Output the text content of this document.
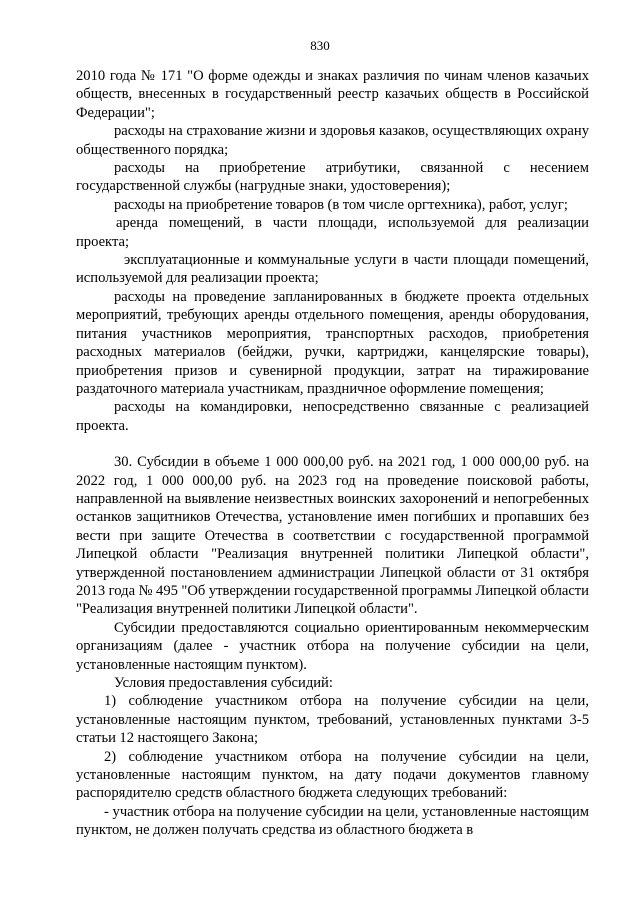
830

2010 года № 171 "О форме одежды и знаках различия по чинам членов казачьих обществ, внесенных в государственный реестр казачьих обществ в Российской Федерации";

расходы на страхование жизни и здоровья казаков, осуществляющих охрану общественного порядка;

расходы на приобретение атрибутики, связанной с несением государственной службы (нагрудные знаки, удостоверения);

расходы на приобретение товаров (в том числе оргтехника), работ, услуг;

аренда помещений, в части площади, используемой для реализации проекта;

эксплуатационные и коммунальные услуги в части площади помещений, используемой для реализации проекта;

расходы на проведение запланированных в бюджете проекта отдельных мероприятий, требующих аренды отдельного помещения, аренды оборудования, питания участников мероприятия, транспортных расходов, приобретения расходных материалов (бейджи, ручки, картриджи, канцелярские товары), приобретения призов и сувенирной продукции, затрат на тиражирование раздаточного материала участникам, праздничное оформление помещения;

расходы на командировки, непосредственно связанные с реализацией проекта.

30. Субсидии в объеме 1 000 000,00 руб. на 2021 год, 1 000 000,00 руб. на 2022 год, 1 000 000,00 руб. на 2023 год на проведение поисковой работы, направленной на выявление неизвестных воинских захоронений и непогребенных останков защитников Отечества, установление имен погибших и пропавших без вести при защите Отечества в соответствии с государственной программой Липецкой области "Реализация внутренней политики Липецкой области", утвержденной постановлением администрации Липецкой области от 31 октября 2013 года № 495 "Об утверждении государственной программы Липецкой области "Реализация внутренней политики Липецкой области".

Субсидии предоставляются социально ориентированным некоммерческим организациям (далее - участник отбора на получение субсидии на цели, установленные настоящим пунктом).

Условия предоставления субсидий:

1) соблюдение участником отбора на получение субсидии на цели, установленные настоящим пунктом, требований, установленных пунктами 3-5 статьи 12 настоящего Закона;

2) соблюдение участником отбора на получение субсидии на цели, установленные настоящим пунктом, на дату подачи документов главному распорядителю средств областного бюджета следующих требований:

- участник отбора на получение субсидии на цели, установленные настоящим пунктом, не должен получать средства из областного бюджета в
